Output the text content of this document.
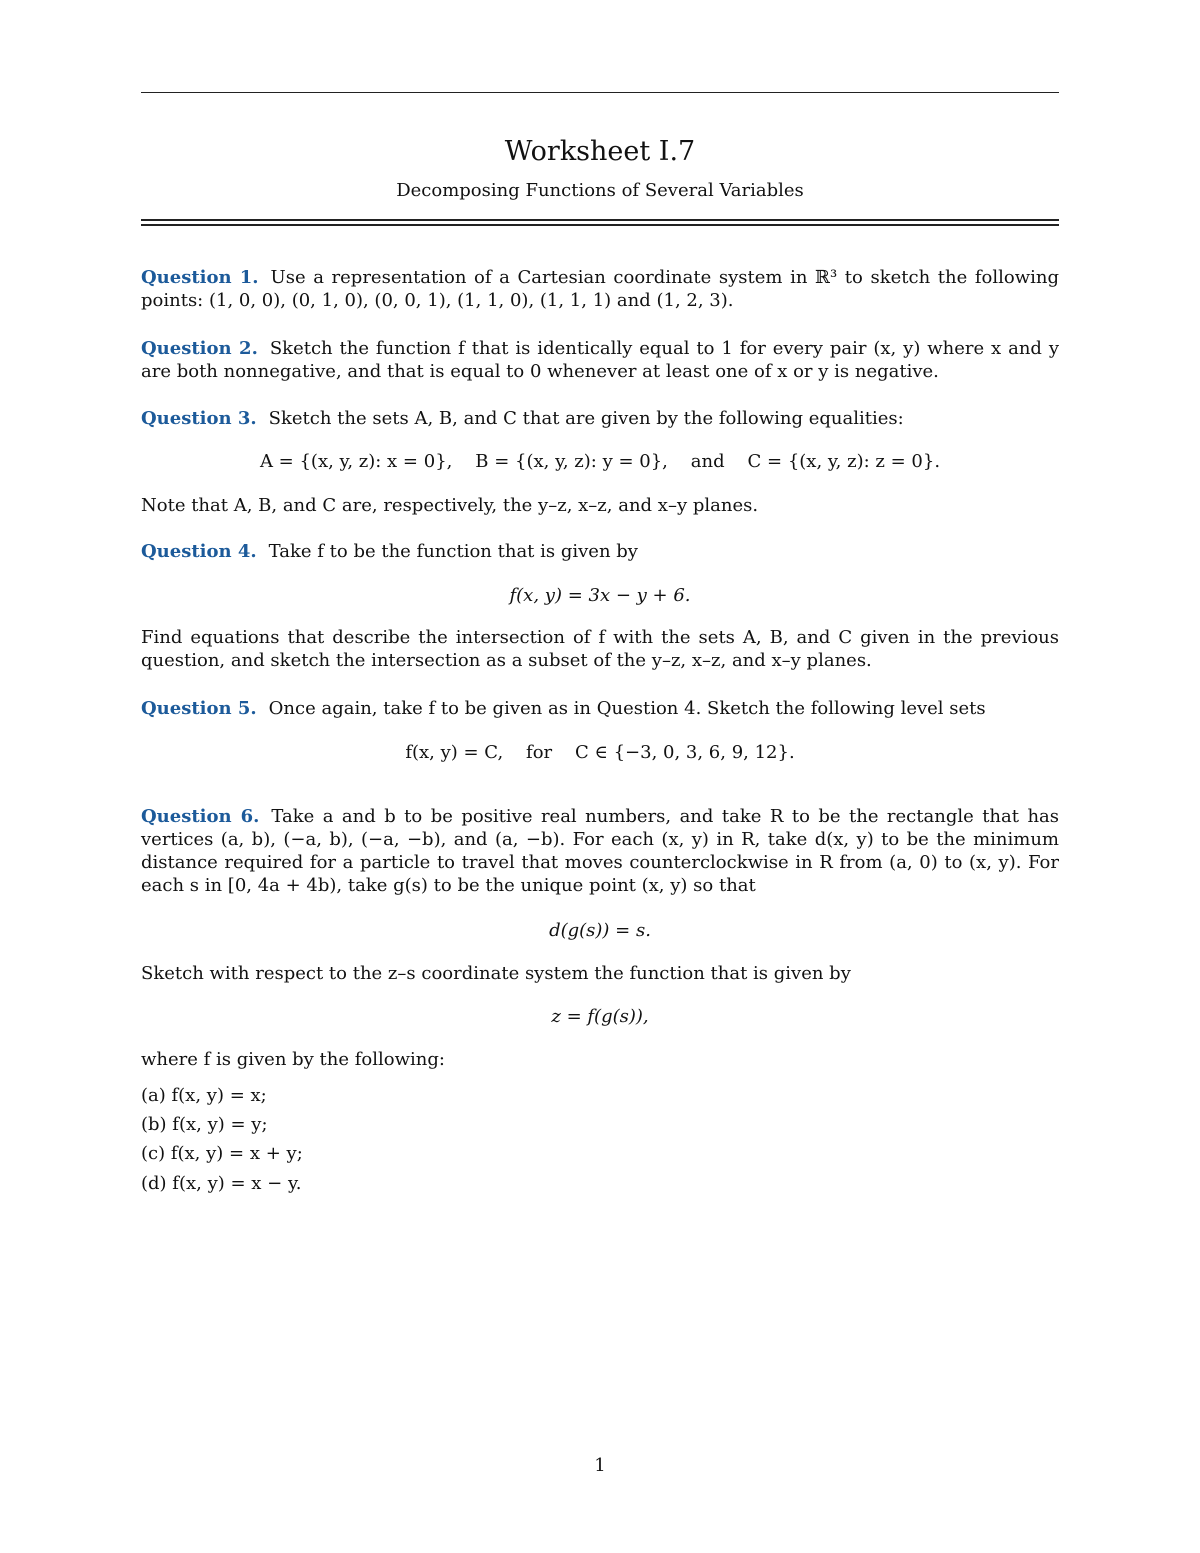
Worksheet I.7
Decomposing Functions of Several Variables
Question 1. Use a representation of a Cartesian coordinate system in ℝ³ to sketch the following points: (1, 0, 0), (0, 1, 0), (0, 0, 1), (1, 1, 0), (1, 1, 1) and (1, 2, 3).
Question 2. Sketch the function f that is identically equal to 1 for every pair (x, y) where x and y are both nonnegative, and that is equal to 0 whenever at least one of x or y is negative.
Question 3. Sketch the sets A, B, and C that are given by the following equalities:
A = {(x, y, z): x = 0},    B = {(x, y, z): y = 0},    and    C = {(x, y, z): z = 0}.
Note that A, B, and C are, respectively, the y–z, x–z, and x–y planes.
Question 4. Take f to be the function that is given by
f(x, y) = 3x − y + 6.
Find equations that describe the intersection of f with the sets A, B, and C given in the previous question, and sketch the intersection as a subset of the y–z, x–z, and x–y planes.
Question 5. Once again, take f to be given as in Question 4. Sketch the following level sets
f(x, y) = C,    for    C ∈ {−3, 0, 3, 6, 9, 12}.
Question 6. Take a and b to be positive real numbers, and take R to be the rectangle that has vertices (a, b), (−a, b), (−a, −b), and (a, −b). For each (x, y) in R, take d(x, y) to be the minimum distance required for a particle to travel that moves counterclockwise in R from (a, 0) to (x, y). For each s in [0, 4a + 4b), take g(s) to be the unique point (x, y) so that
d(g(s)) = s.
Sketch with respect to the z–s coordinate system the function that is given by
z = f(g(s)),
where f is given by the following:
(a) f(x, y) = x;
(b) f(x, y) = y;
(c) f(x, y) = x + y;
(d) f(x, y) = x − y.
1
